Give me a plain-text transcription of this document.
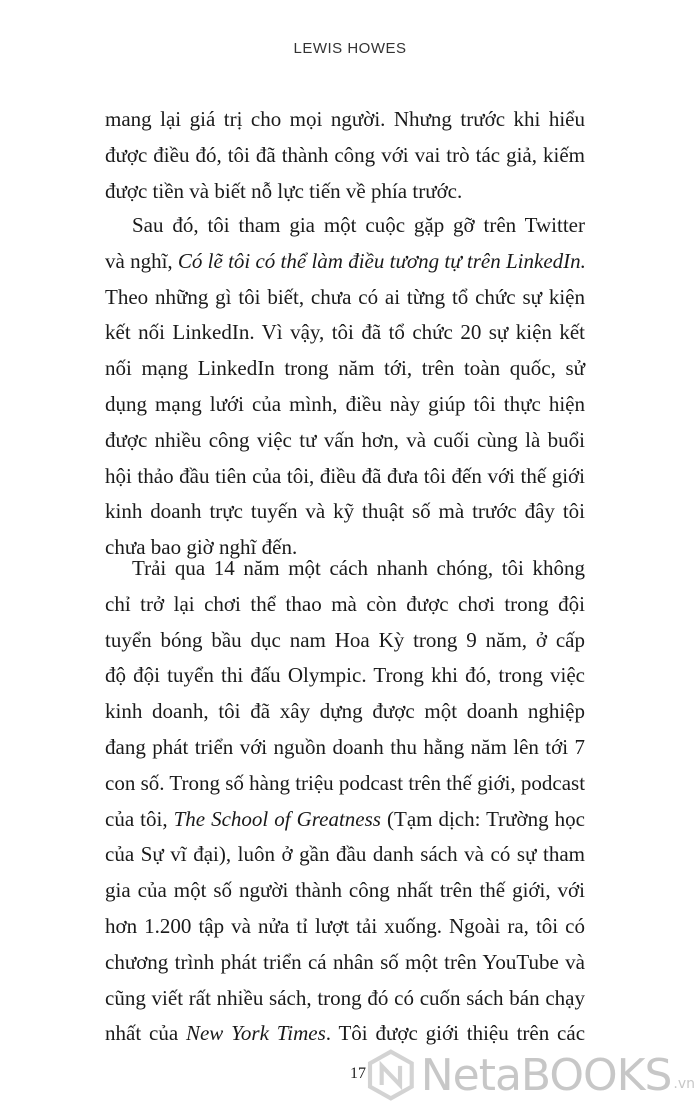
LEWIS HOWES
mang lại giá trị cho mọi người. Nhưng trước khi hiểu
được điều đó, tôi đã thành công với vai trò tác giả, kiếm
được tiền và biết nỗ lực tiến về phía trước.
Sau đó, tôi tham gia một cuộc gặp gỡ trên Twitter
và nghĩ, Có lẽ tôi có thể làm điều tương tự trên LinkedIn.
Theo những gì tôi biết, chưa có ai từng tổ chức sự kiện
kết nối LinkedIn. Vì vậy, tôi đã tổ chức 20 sự kiện kết
nối mạng LinkedIn trong năm tới, trên toàn quốc, sử
dụng mạng lưới của mình, điều này giúp tôi thực hiện
được nhiều công việc tư vấn hơn, và cuối cùng là buổi
hội thảo đầu tiên của tôi, điều đã đưa tôi đến với thế giới
kinh doanh trực tuyến và kỹ thuật số mà trước đây tôi
chưa bao giờ nghĩ đến.
Trải qua 14 năm một cách nhanh chóng, tôi không
chỉ trở lại chơi thể thao mà còn được chơi trong đội
tuyển bóng bầu dục nam Hoa Kỳ trong 9 năm, ở cấp
độ đội tuyển thi đấu Olympic. Trong khi đó, trong việc
kinh doanh, tôi đã xây dựng được một doanh nghiệp
đang phát triển với nguồn doanh thu hằng năm lên tới 7
con số. Trong số hàng triệu podcast trên thế giới, podcast
của tôi, The School of Greatness (Tạm dịch: Trường học
của Sự vĩ đại), luôn ở gần đầu danh sách và có sự tham
gia của một số người thành công nhất trên thế giới, với
hơn 1.200 tập và nửa tỉ lượt tải xuống. Ngoài ra, tôi có
chương trình phát triển cá nhân số một trên YouTube và
cũng viết rất nhiều sách, trong đó có cuốn sách bán chạy
nhất của New York Times. Tôi được giới thiệu trên các
17 NetaBOOKS .vn
